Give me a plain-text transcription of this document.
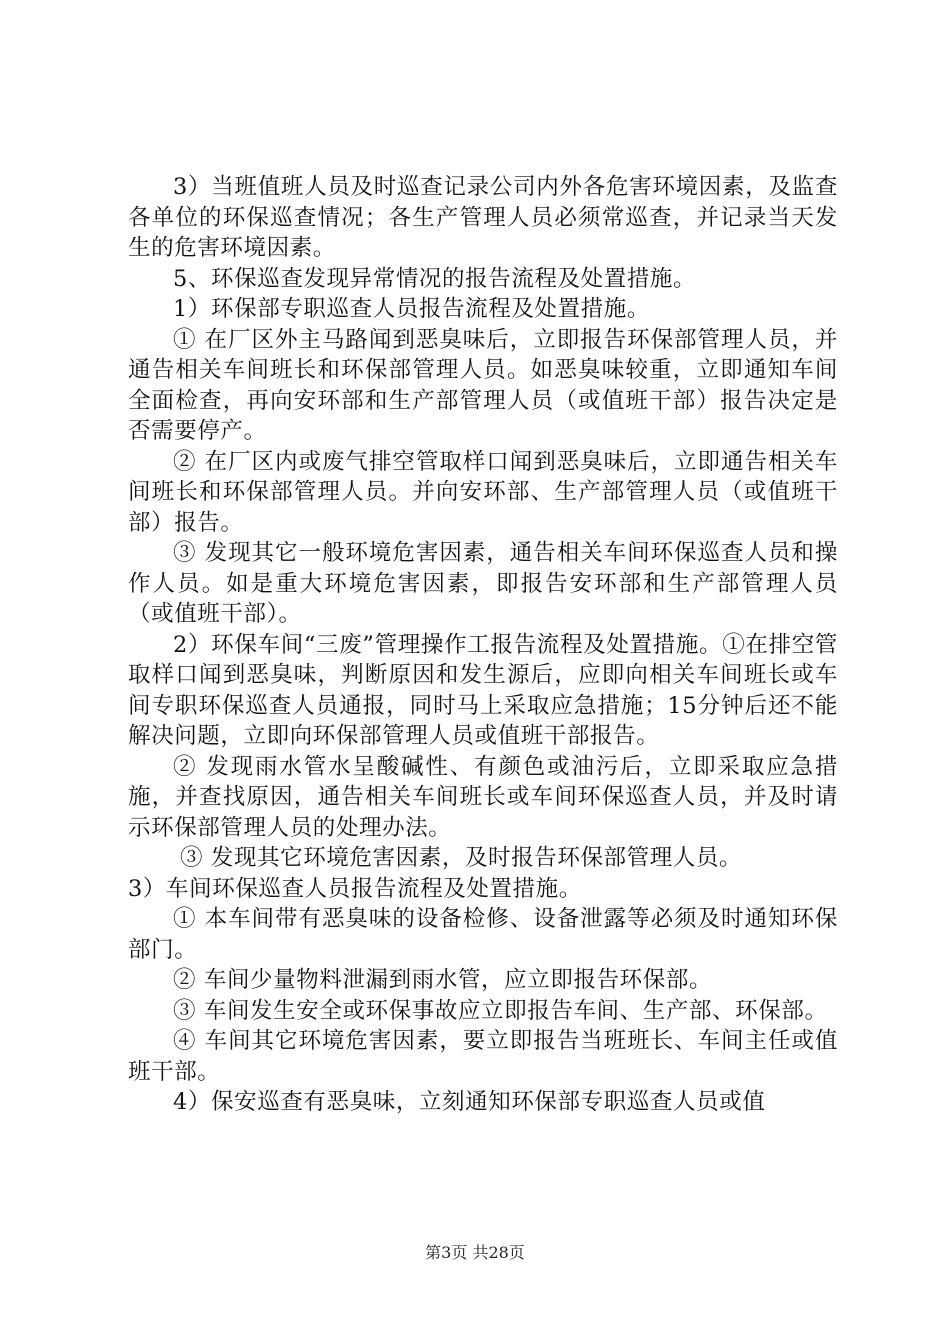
3）当班值班人员及时巡查记录公司内外各危害环境因素，及监查各单位的环保巡查情况；各生产管理人员必须常巡查，并记录当天发生的危害环境因素。

5、环保巡查发现异常情况的报告流程及处置措施。

1）环保部专职巡查人员报告流程及处置措施。

① 在厂区外主马路闻到恶臭味后，立即报告环保部管理人员，并通告相关车间班长和环保部管理人员。如恶臭味较重，立即通知车间全面检查，再向安环部和生产部管理人员（或值班干部）报告决定是否需要停产。

② 在厂区内或废气排空管取样口闻到恶臭味后，立即通告相关车间班长和环保部管理人员。并向安环部、生产部管理人员（或值班干部）报告。

③ 发现其它一般环境危害因素，通告相关车间环保巡查人员和操作人员。如是重大环境危害因素，即报告安环部和生产部管理人员（或值班干部）。

2）环保车间“三废”管理操作工报告流程及处置措施。①在排空管取样口闻到恶臭味，判断原因和发生源后，应即向相关车间班长或车间专职环保巡查人员通报，同时马上采取应急措施；15分钟后还不能解决问题，立即向环保部管理人员或值班干部报告。

② 发现雨水管水呈酸碱性、有颜色或油污后，立即采取应急措施，并查找原因，通告相关车间班长或车间环保巡查人员，并及时请示环保部管理人员的处理办法。

③ 发现其它环境危害因素，及时报告环保部管理人员。

3）车间环保巡查人员报告流程及处置措施。

① 本车间带有恶臭味的设备检修、设备泄露等必须及时通知环保部门。

② 车间少量物料泄漏到雨水管，应立即报告环保部。

③ 车间发生安全或环保事故应立即报告车间、生产部、环保部。

④ 车间其它环境危害因素，要立即报告当班班长、车间主任或值班干部。

4）保安巡查有恶臭味，立刻通知环保部专职巡查人员或值

第3页 共28页
